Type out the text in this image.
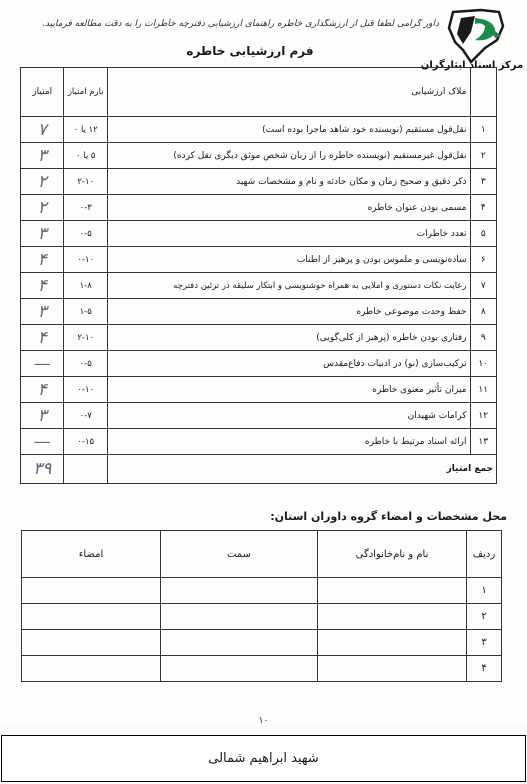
داور گرامی لطفاً قبل از ارزشگذاری خاطره راهنمای ارزشیابی دفترچه خاطرات را به دقت مطالعه فرمایید.
مرکز اسناد ایثارگران
فرم ارزشیابی خاطره
	ملاک ارزشیابی	بارم امتیاز	امتیاز
۱	نقل‌قول مستقیم (نویسنده خود شاهد ماجرا بوده است)	۱۲ یا ۰	۷
۲	نقل‌قول غیرمستقیم (نویسنده خاطره را از زبان شخص موثق دیگری نقل کرده)	۵ یا ۰	۳
۳	ذکر دقیق و صحیح زمان و مکان حادثه و نام و مشخصات شهید	۲-۱۰	۲
۴	مسمی بودن عنوان خاطره	۰-۳	۲
۵	تعدد خاطرات	۰-۵	۳
۶	ساده‌نویسی و ملموس بودن و پرهیز از اطناب	۰-۱۰	۴
۷	رعایت نکات دستوری و املایی به همراه خوشنویسی و ابتکار سلیقه در تزئین دفترچه	۱-۸	۴
۸	حفظ وحدت موضوعی خاطره	۱-۵	۳
۹	رفتاری بودن خاطره (پرهیز از کلی‌گویی)	۲-۱۰	۴
۱۰	ترکیب‌سازی (نو) در ادبیات دفاع‌مقدس	۰-۵	—
۱۱	میزان تأثیر معنوی خاطره	۰-۱۰	۴
۱۲	کرامات شهیدان	۰-۷	۳
۱۳	ارائه اسناد مرتبط با خاطره	۰-۱۵	—
جمع امتیاز			۳۹
محل مشخصات و امضاء گروه داوران استان:
ردیف	نام و نام‌خانوادگی	سمت	امضاء
۱			
۲			
۳			
۴			
۱۰
شهید ابراهیم شمالی
